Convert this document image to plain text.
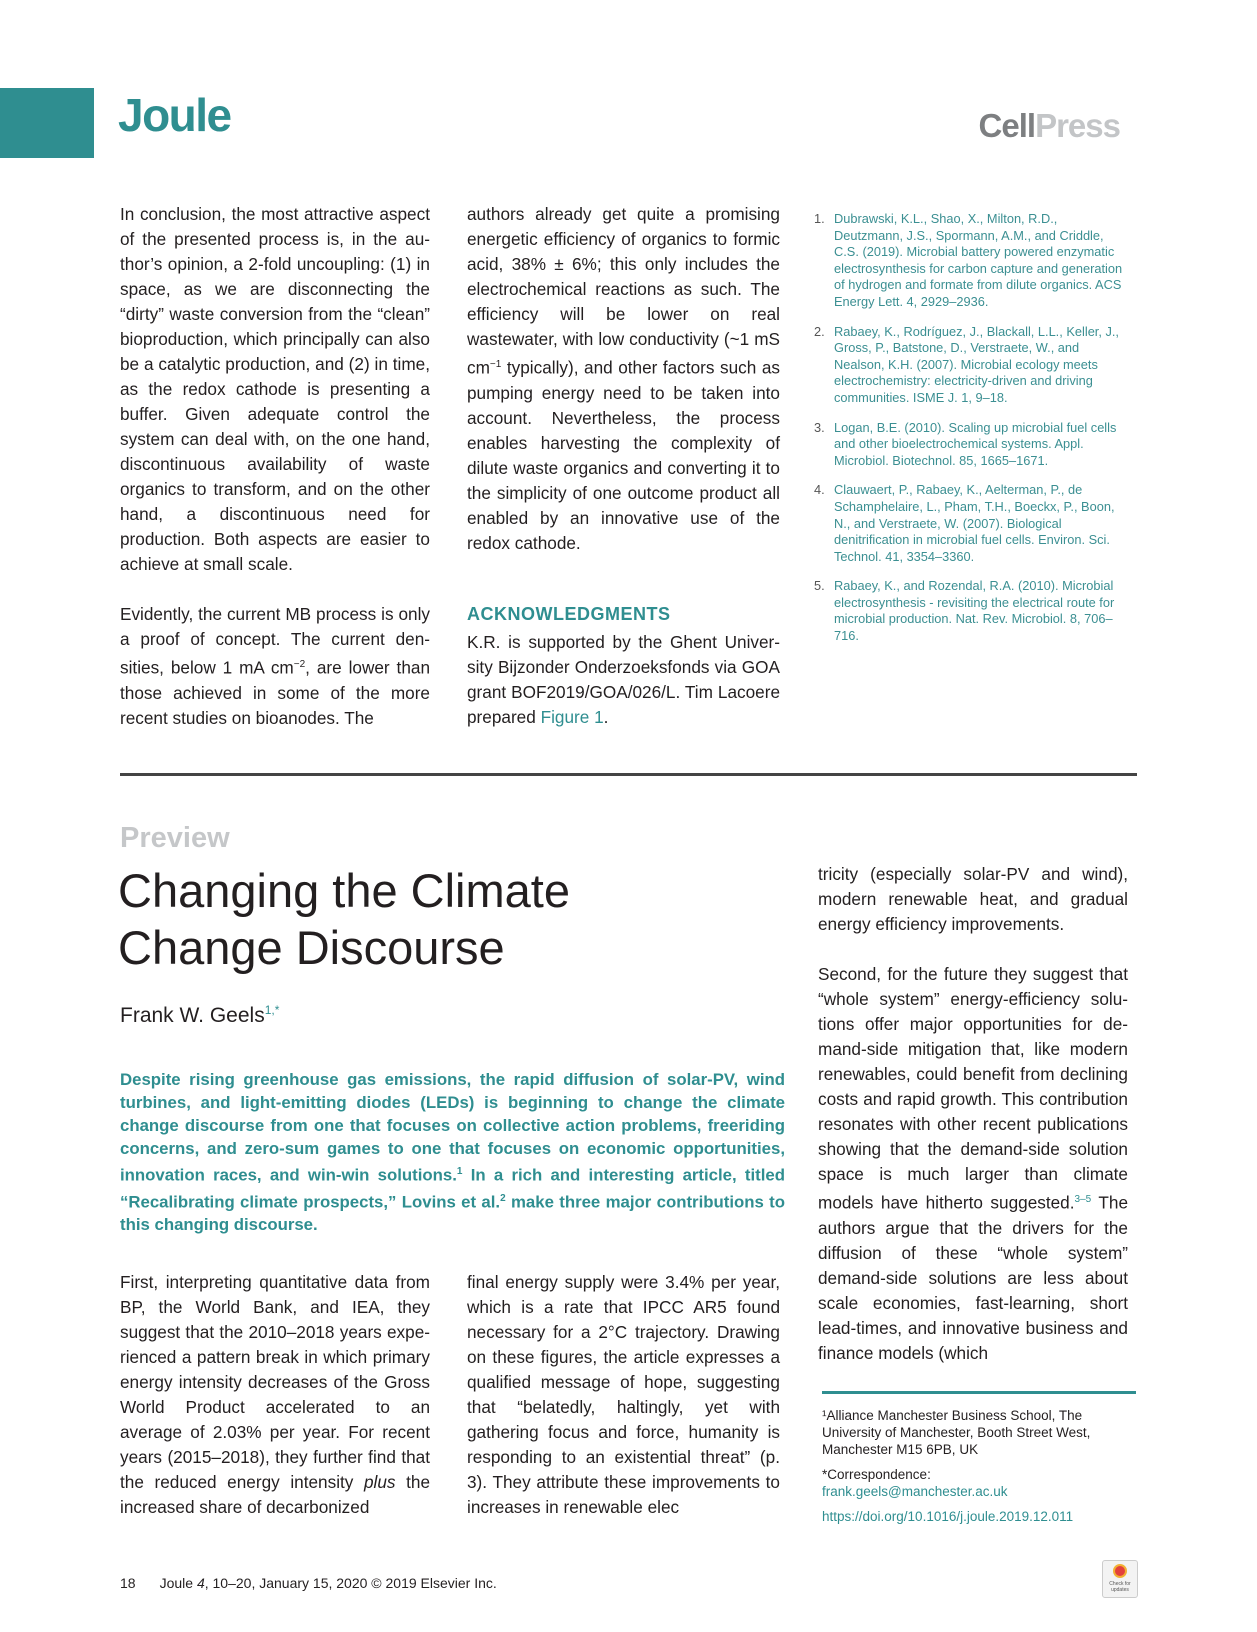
Joule	CellPress

In conclusion, the most attractive aspect of the presented process is, in the author’s opinion, a 2-fold uncoupling: (1) in space, as we are disconnecting the “dirty” waste conversion from the “clean” bioproduction, which principally can also be a catalytic production, and (2) in time, as the redox cathode is presenting a buffer. Given adequate control the system can deal with, on the one hand, discontinuous availability of waste organics to transform, and on the other hand, a discontinuous need for production. Both aspects are easier to achieve at small scale.

Evidently, the current MB process is only a proof of concept. The current densities, below 1 mA $cm^{-2}$, are lower than those achieved in some of the more recent studies on bioanodes. The

authors already get quite a promising energetic efficiency of organics to formic acid, 38% ± 6%; this only includes the electrochemical reactions as such. The efficiency will be lower on real wastewater, with low conductivity (~1 mS $cm^{-1}$ typically), and other factors such as pumping energy need to be taken into account. Nevertheless, the process enables harvesting the complexity of dilute waste organics and converting it to the simplicity of one outcome product all enabled by an innovative use of the redox cathode.

ACKNOWLEDGMENTS

K.R. is supported by the Ghent University Bijzonder Onderzoeksfonds via GOA grant BOF2019/GOA/026/L. Tim Lacoere prepared Figure 1.

1. Dubrawski, K.L., Shao, X., Milton, R.D., Deutzmann, J.S., Spormann, A.M., and Criddle, C.S. (2019). Microbial battery powered enzymatic electrosynthesis for carbon capture and generation of hydrogen and formate from dilute organics. ACS Energy Lett. 4, 2929–2936.
2. Rabaey, K., Rodríguez, J., Blackall, L.L., Keller, J., Gross, P., Batstone, D., Verstraete, W., and Nealson, K.H. (2007). Microbial ecology meets electrochemistry: electricity-driven and driving communities. ISME J. 1, 9–18.
3. Logan, B.E. (2010). Scaling up microbial fuel cells and other bioelectrochemical systems. Appl. Microbiol. Biotechnol. 85, 1665–1671.
4. Clauwaert, P., Rabaey, K., Aelterman, P., de Schamphelaire, L., Pham, T.H., Boeckx, P., Boon, N., and Verstraete, W. (2007). Biological denitrification in microbial fuel cells. Environ. Sci. Technol. 41, 3354–3360.
5. Rabaey, K., and Rozendal, R.A. (2010). Microbial electrosynthesis - revisiting the electrical route for microbial production. Nat. Rev. Microbiol. 8, 706–716.
Preview
Changing the Climate
Change Discourse
Frank W. Geels$^{1,*}$
Despite rising greenhouse gas emissions, the rapid diffusion of solar-PV, wind turbines, and light-emitting diodes (LEDs) is beginning to change the climate change discourse from one that focuses on collective action problems, freeriding concerns, and zero-sum games to one that focuses on economic opportunities, innovation races, and win-win solutions.$^1$ In a rich and interesting article, titled “Recalibrating climate prospects,” Lovins et al.$^2$ make three major contributions to this changing discourse.

First, interpreting quantitative data from BP, the World Bank, and IEA, they suggest that the 2010–2018 years experienced a pattern break in which primary energy intensity decreases of the Gross World Product accelerated to an average of 2.03% per year. For recent years (2015–2018), they further find that the reduced energy intensity plus the increased share of decarbonized

final energy supply were 3.4% per year, which is a rate that IPCC AR5 found necessary for a 2°C trajectory. Drawing on these figures, the article expresses a qualified message of hope, suggesting that “belatedly, haltingly, yet with gathering focus and force, humanity is responding to an existential threat” (p. 3). They attribute these improvements to increases in renewable elec

tricity (especially solar-PV and wind), modern renewable heat, and gradual energy efficiency improvements.

Second, for the future they suggest that “whole system” energy-efficiency solutions offer major opportunities for demand-side mitigation that, like modern renewables, could benefit from declining costs and rapid growth. This contribution resonates with other recent publications showing that the demand-side solution space is much larger than climate models have hitherto suggested.$^{3-5}$ The authors argue that the drivers for the diffusion of these “whole system” demand-side solutions are less about scale economies, fast-learning, short lead-times, and innovative business and finance models (which

¹Alliance Manchester Business School, The University of Manchester, Booth Street West, Manchester M15 6PB, UK
*Correspondence:
frank.geels@manchester.ac.uk
https://doi.org/10.1016/j.joule.2019.12.011
18 Joule 4, 10–20, January 15, 2020 © 2019 Elsevier Inc.	Check for updates
